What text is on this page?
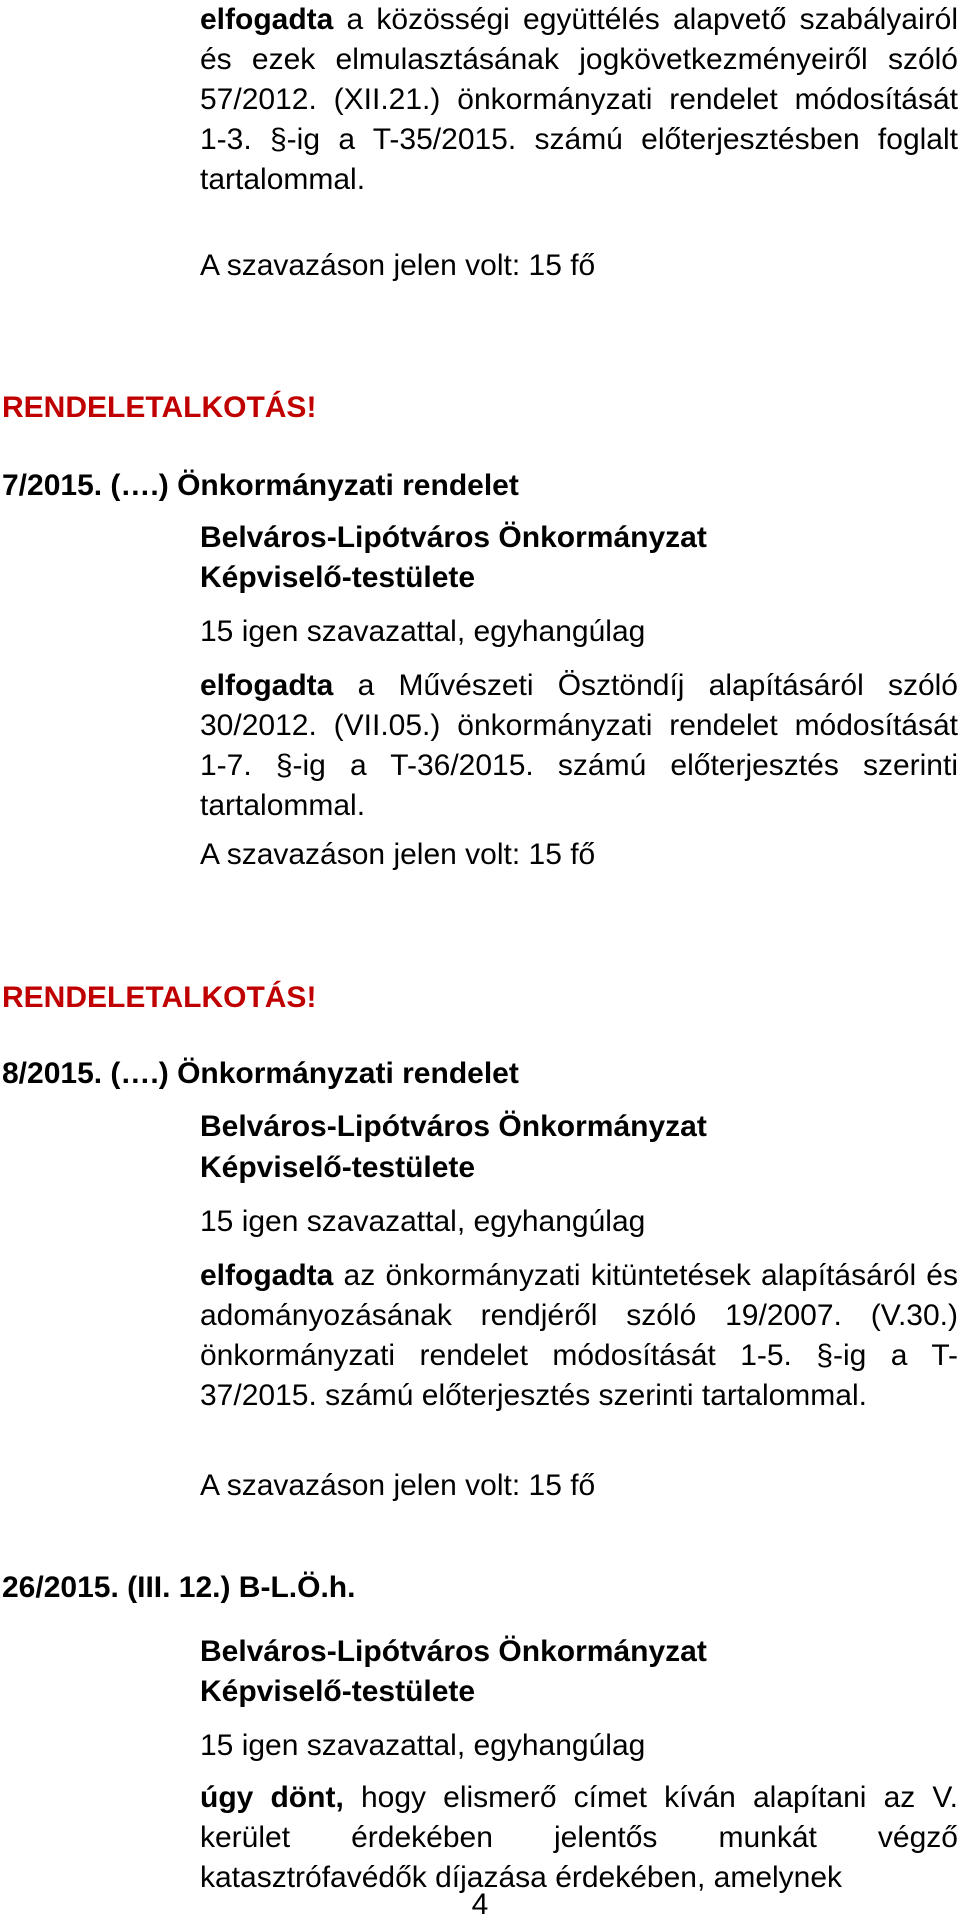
elfogadta a közösségi együttélés alapvető szabályairól és ezek elmulasztásának jogkövetkezményeiről szóló 57/2012. (XII.21.) önkormányzati rendelet módosítását 1-3. §-ig a T-35/2015. számú előterjesztésben foglalt tartalommal.

A szavazáson jelen volt: 15 fő

RENDELETALKOTÁS!

7/2015. (….) Önkormányzati rendelet

Belváros-Lipótváros Önkormányzat

Képviselő-testülete

15 igen szavazattal, egyhangúlag

elfogadta a Művészeti Ösztöndíj alapításáról szóló 30/2012. (VII.05.) önkormányzati rendelet módosítását 1-7. §-ig a T-36/2015. számú előterjesztés szerinti tartalommal.

A szavazáson jelen volt: 15 fő

RENDELETALKOTÁS!

8/2015. (….) Önkormányzati rendelet

Belváros-Lipótváros Önkormányzat

Képviselő-testülete

15 igen szavazattal, egyhangúlag

elfogadta az önkormányzati kitüntetések alapításáról és adományozásának rendjéről szóló 19/2007. (V.30.) önkormányzati rendelet módosítását 1-5. §-ig a T-37/2015. számú előterjesztés szerinti tartalommal.

A szavazáson jelen volt: 15 fő

26/2015. (III. 12.) B-L.Ö.h.

Belváros-Lipótváros Önkormányzat

Képviselő-testülete

15 igen szavazattal, egyhangúlag

úgy dönt, hogy elismerő címet kíván alapítani az V. kerület érdekében jelentős munkát végző katasztrófavédők díjazása érdekében, amelynek

4
